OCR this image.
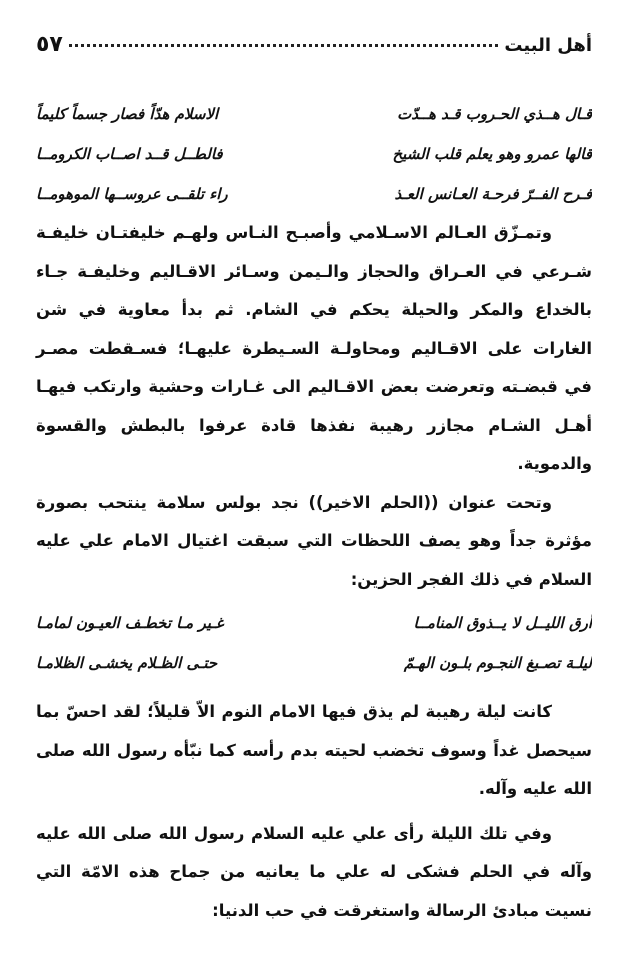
أهل البيت
٥٧
قـال هــذي الحـروب قـد هــدّت
الاسلام هدّاً فصار جسماً كليماً
قالها عمرو وهو يعلم قلب الشيخ
فالطــل قــد اصــاب الكرومــا
فـرح الفــرّ فرحـة العـانس العـذ
راء تلقــى عروســها الموهومــا

وتمـزّق العـالم الاسـلامي وأصبـح النـاس ولهـم خليفتـان خليفـة شـرعي في العـراق والحجاز والـيمن وسـائر الاقـاليم وخليفـة جـاء بالخداع والمكر والحيلة يحكم في الشام. ثم بدأ معاوية في شن الغارات على الاقـاليم ومحاولـة السـيطرة عليهـا؛ فسـقطت مصـر في قبضـته وتعرضت بعض الاقـاليم الى غـارات وحشية وارتكب فيهـا أهـل الشـام مجازر رهيبة نفذها قادة عرفوا بالبطش والقسوة والدموية.

وتحت عنوان ((الحلم الاخير)) نجد بولس سلامة ينتحب بصورة مؤثرة جداً وهو يصف اللحظات التي سبقت اغتيال الامام علي عليه السلام في ذلك الفجر الحزين:

أرق الليــل لا يــذوق المنامــا
غـير مـا تخطـف العيـون لمامـا
ليلـة تصـبغ النجـوم بلـون الهـمّ
حتـى الظـلام يخشـى الظلامـا

كانت ليلة رهيبة لم يذق فيها الامام النوم الاّ قليلاً؛ لقد احسّ بما سيحصل غداً وسوف تخضب لحيته بدم رأسه كما نبّأه رسول الله صلى الله عليه وآله.

وفي تلك الليلة رأى علي عليه السلام رسول الله صلى الله عليه وآله في الحلم فشكى له علي ما يعانيه من جماح هذه الامّة التي نسيت مبادئ الرسالة واستغرقت في حب الدنيا:
